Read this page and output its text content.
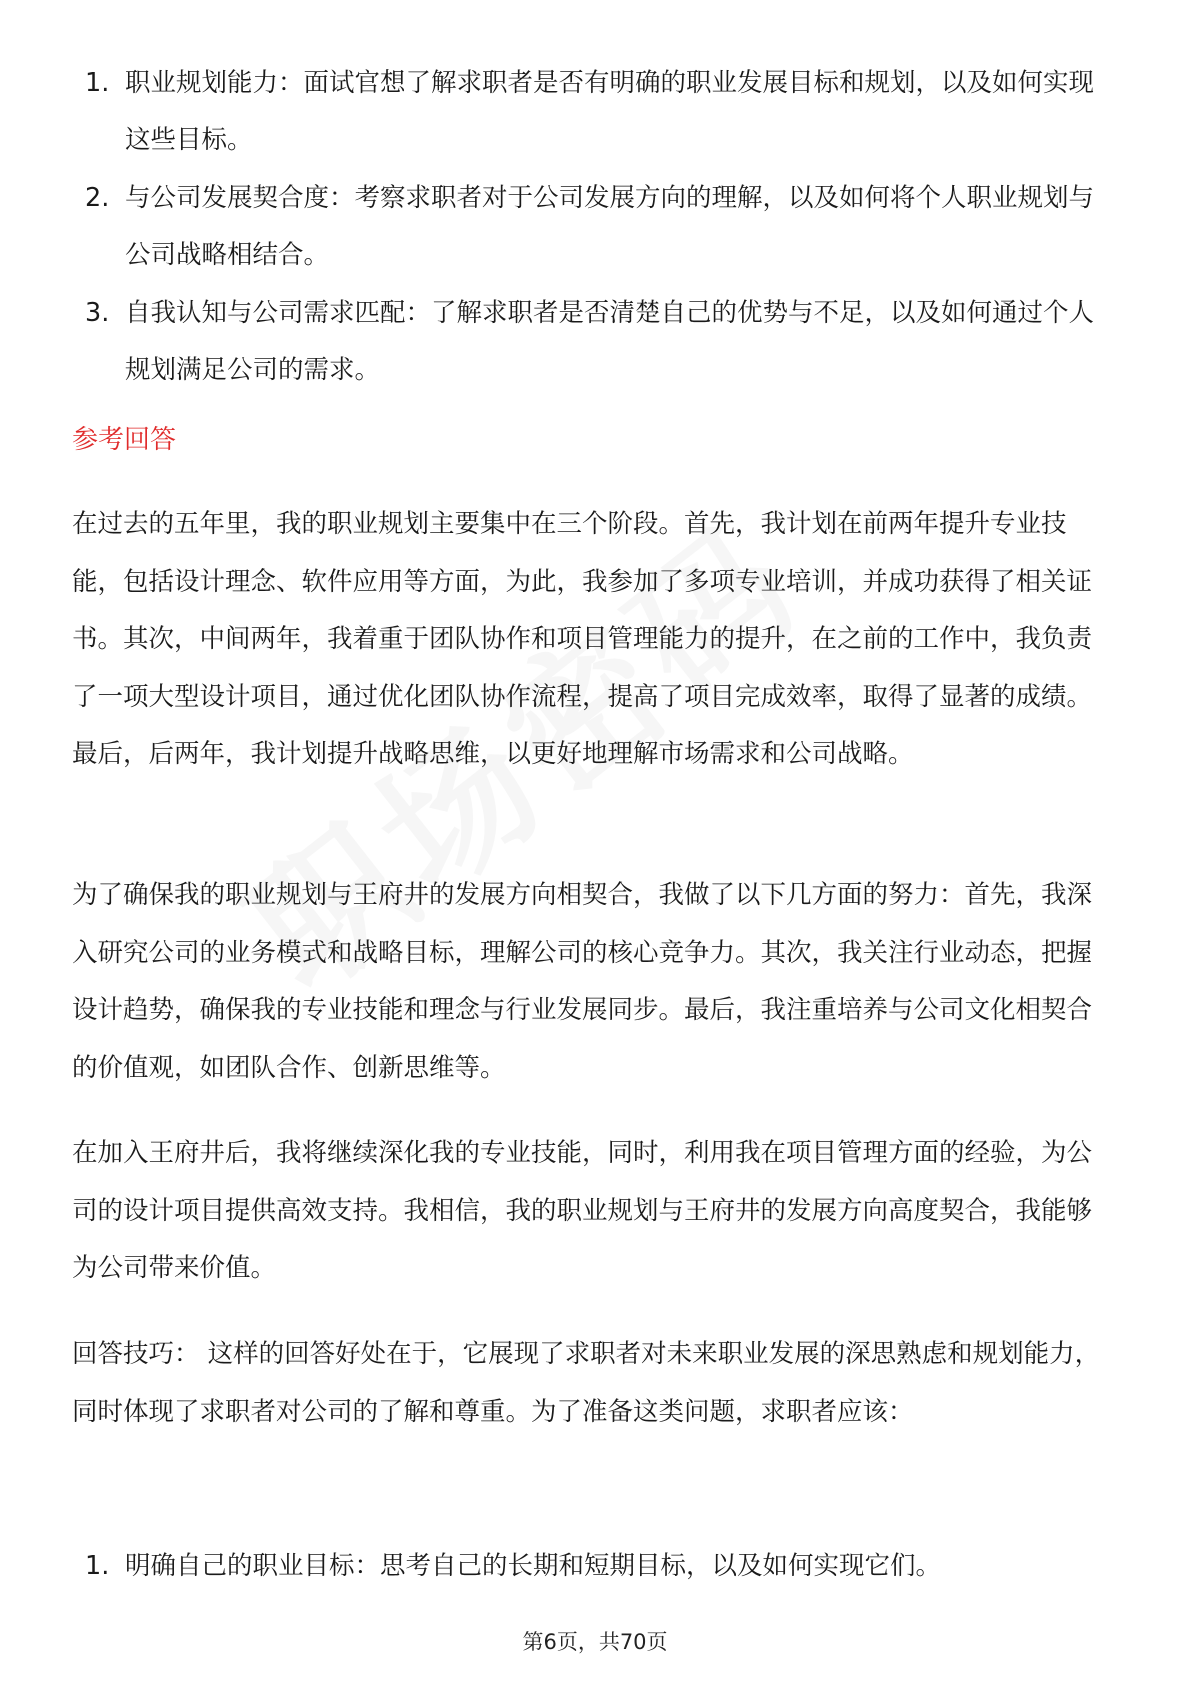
1. 职业规划能力：面试官想了解求职者是否有明确的职业发展目标和规划，以及如何实现这些目标。
2. 与公司发展契合度：考察求职者对于公司发展方向的理解，以及如何将个人职业规划与公司战略相结合。
3. 自我认知与公司需求匹配：了解求职者是否清楚自己的优势与不足，以及如何通过个人规划满足公司的需求。
参考回答

在过去的五年里，我的职业规划主要集中在三个阶段。首先，我计划在前两年提升专业技能，包括设计理念、软件应用等方面，为此，我参加了多项专业培训，并成功获得了相关证书。其次，中间两年，我着重于团队协作和项目管理能力的提升，在之前的工作中，我负责了一项大型设计项目，通过优化团队协作流程，提高了项目完成效率，取得了显著的成绩。最后，后两年，我计划提升战略思维，以更好地理解市场需求和公司战略。

为了确保我的职业规划与王府井的发展方向相契合，我做了以下几方面的努力：首先，我深入研究公司的业务模式和战略目标，理解公司的核心竞争力。其次，我关注行业动态，把握设计趋势，确保我的专业技能和理念与行业发展同步。最后，我注重培养与公司文化相契合的价值观，如团队合作、创新思维等。

在加入王府井后，我将继续深化我的专业技能，同时，利用我在项目管理方面的经验，为公司的设计项目提供高效支持。我相信，我的职业规划与王府井的发展方向高度契合，我能够为公司带来价值。

回答技巧： 这样的回答好处在于，它展现了求职者对未来职业发展的深思熟虑和规划能力，同时体现了求职者对公司的了解和尊重。为了准备这类问题，求职者应该：

1. 明确自己的职业目标：思考自己的长期和短期目标，以及如何实现它们。
第6页，共70页
